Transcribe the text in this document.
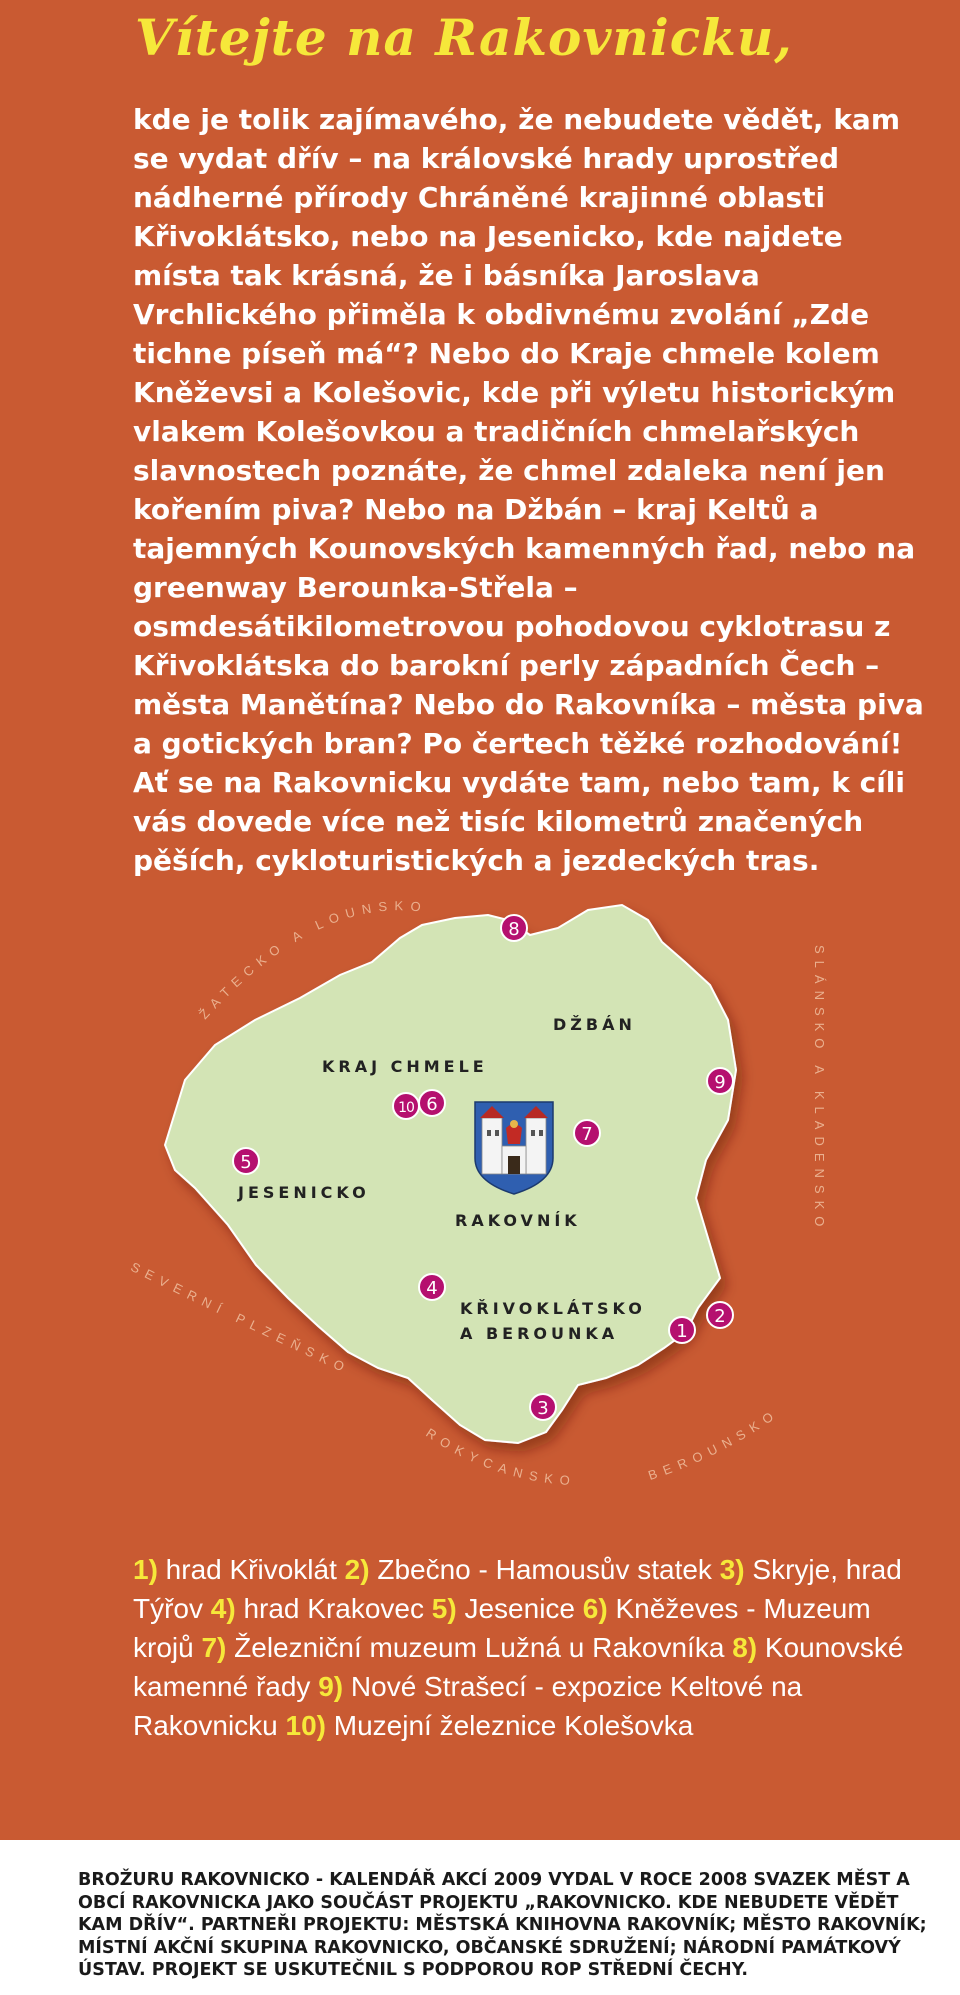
Vítejte na Rakovnicku,

kde je tolik zajímavého, že nebudete vědět, kam se vydat dřív – na královské hrady uprostřed nádherné přírody Chráněné krajinné oblasti Křivoklátsko, nebo na Jesenicko, kde najdete místa tak krásná, že i básníka Jaroslava Vrchlického přiměla k obdivnému zvolání „Zde tichne píseň má“? Nebo do Kraje chmele kolem Kněževsi a Kolešovic, kde při výletu historickým vlakem Kolešovkou a tradičních chmelařských slavnostech poznáte, že chmel zdaleka není jen kořením piva? Nebo na Džbán – kraj Keltů a tajemných Kounovských kamenných řad, nebo na greenway Berounka-Střela – osmdesátikilometrovou pohodovou cyklotrasu z Křivoklátska do barokní perly západních Čech – města Manětína? Nebo do Rakovníka – města piva a gotických bran? Po čertech těžké rozhodování! Ať se na Rakovnicku vydáte tam, nebo tam, k cíli vás dovede více než tisíc kilometrů značených pěších, cykloturistických a jezdeckých tras.

ŽATECKO A LOUNSKO
SEVERNÍ PLZEŇSKO
ROKYCANSKO	BEROUNSKO
SLÁNSKO A KLADENSKO
DŽBÁN
KRAJ CHMELE
JESENICKO
RAKOVNÍK
KŘIVOKLÁTSKO
A BEROUNKA
8
9
10 6
7
5
4
1
2
3

1) hrad Křivoklát 2) Zbečno - Hamousův statek 3) Skryje, hrad Týřov 4) hrad Krakovec 5) Jesenice 6) Kněževes - Muzeum krojů 7) Železniční muzeum Lužná u Rakovníka 8) Kounovské kamenné řady 9) Nové Strašecí - expozice Keltové na Rakovnicku 10) Muzejní železnice Kolešovka

BROŽURU RAKOVNICKO - KALENDÁŘ AKCÍ 2009 VYDAL V ROCE 2008 SVAZEK MĚST A OBCÍ RAKOVNICKA JAKO SOUČÁST PROJEKTU „RAKOVNICKO. KDE NEBUDETE VĚDĚT KAM DŘÍV“. PARTNEŘI PROJEKTU: MĚSTSKÁ KNIHOVNA RAKOVNÍK; MĚSTO RAKOVNÍK; MÍSTNÍ AKČNÍ SKUPINA RAKOVNICKO, OBČANSKÉ SDRUŽENÍ; NÁRODNÍ PAMÁTKOVÝ ÚSTAV. PROJEKT SE USKUTEČNIL S PODPOROU ROP STŘEDNÍ ČECHY.
